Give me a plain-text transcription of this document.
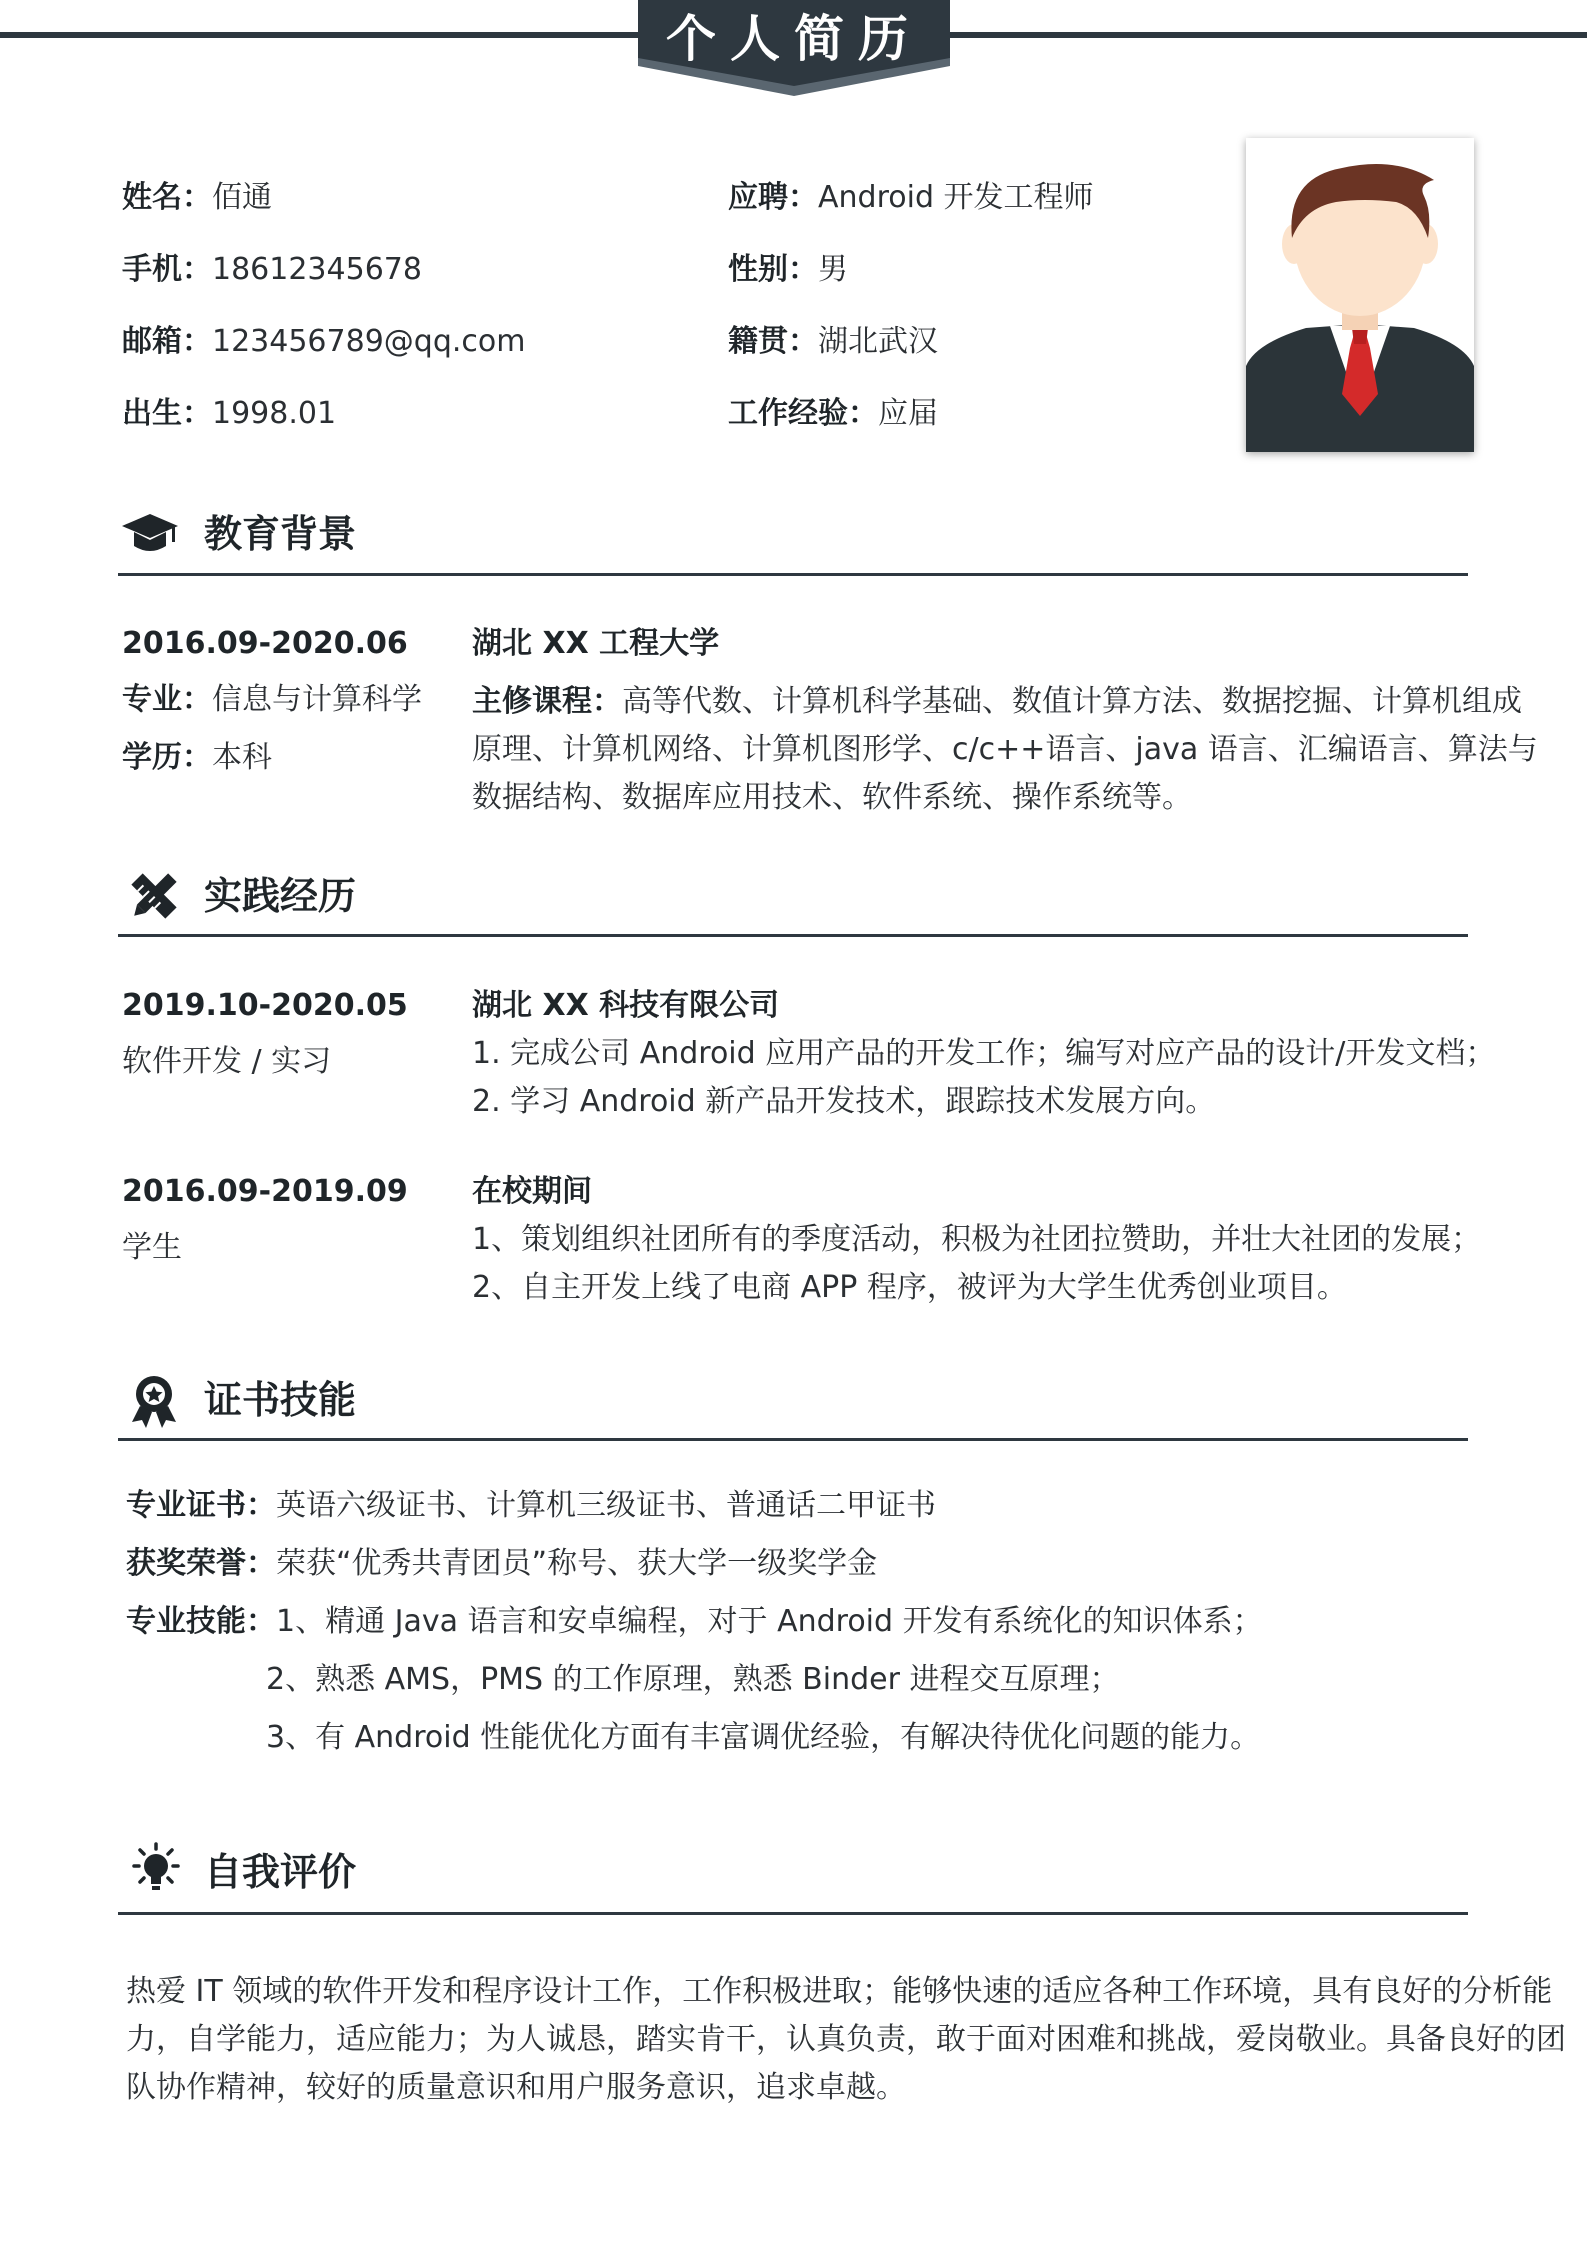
个人简历
姓名：佰通
手机：18612345678
邮箱：123456789@qq.com
出生：1998.01
应聘：Android 开发工程师
性别：男
籍贯：湖北武汉
工作经验：应届
教育背景
2016.09-2020.06
专业：信息与计算科学
学历：本科
湖北 XX 工程大学
主修课程：高等代数、计算机科学基础、数值计算方法、数据挖掘、计算机组成
原理、计算机网络、计算机图形学、c/c++语言、java 语言、汇编语言、算法与
数据结构、数据库应用技术、软件系统、操作系统等。
实践经历
2019.10-2020.05
软件开发 / 实习
湖北 XX 科技有限公司
1. 完成公司 Android 应用产品的开发工作；编写对应产品的设计/开发文档；
2. 学习 Android 新产品开发技术，跟踪技术发展方向。
2016.09-2019.09
学生
在校期间
1、策划组织社团所有的季度活动，积极为社团拉赞助，并壮大社团的发展；
2、自主开发上线了电商 APP 程序，被评为大学生优秀创业项目。
证书技能
专业证书：英语六级证书、计算机三级证书、普通话二甲证书
获奖荣誉：荣获“优秀共青团员”称号、获大学一级奖学金
专业技能：1、精通 Java 语言和安卓编程，对于 Android 开发有系统化的知识体系；
2、熟悉 AMS，PMS 的工作原理，熟悉 Binder 进程交互原理；
3、有 Android 性能优化方面有丰富调优经验，有解决待优化问题的能力。
自我评价
热爱 IT 领域的软件开发和程序设计工作，工作积极进取；能够快速的适应各种工作环境，具有良好的分析能
力，自学能力，适应能力；为人诚恳，踏实肯干，认真负责，敢于面对困难和挑战，爱岗敬业。具备良好的团
队协作精神，较好的质量意识和用户服务意识，追求卓越。
